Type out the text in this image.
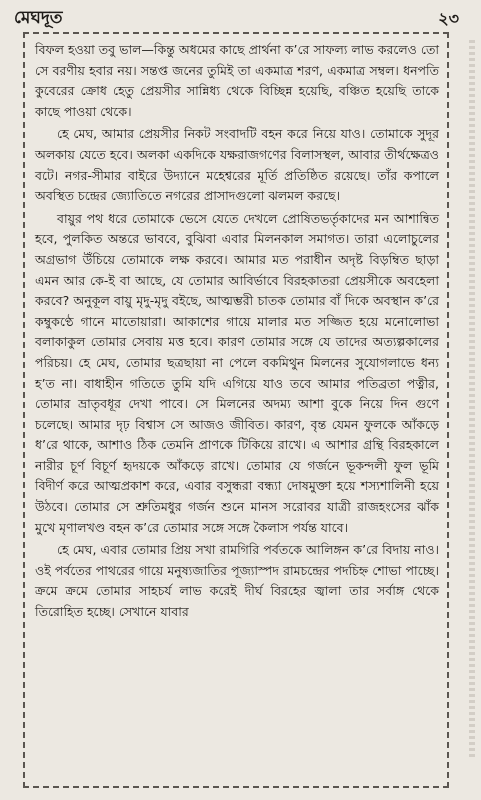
মেঘদূত	২৩

বিফল হওয়া তবু ভাল—কিন্তু অধমের কাছে প্রার্থনা ক’রে সাফল্য লাভ করলেও তো সে বরণীয় হবার নয়। সন্তপ্ত জনের তুমিই তা একমাত্র শরণ, একমাত্র সম্বল। ধনপতি কুবেরের ক্রোধ হেতু প্রেয়সীর সান্নিধ্য থেকে বিচ্ছিন্ন হয়েছি, বঞ্চিত হয়েছি তাকে কাছে পাওয়া থেকে।

হে মেঘ, আমার প্রেয়সীর নিকট সংবাদটি বহন করে নিয়ে যাও। তোমাকে সুদূর অলকায় যেতে হবে। অলকা একদিকে যক্ষরাজগণের বিলাসস্থল, আবার তীর্থক্ষেত্রও বটে। নগর-সীমার বাইরে উদ্যানে মহেশ্বরের মূর্তি প্রতিষ্ঠিত রয়েছে। তাঁর কপালে অবস্থিত চন্দ্রের জ্যোতিতে নগরের প্রাসাদগুলো ঝলমল করছে।

বায়ুর পথ ধরে তোমাকে ভেসে যেতে দেখলে প্রোষিতভর্তৃকাদের মন আশান্বিত হবে, পুলকিত অন্তরে ভাববে, বুঝিবা এবার মিলনকাল সমাগত। তারা এলোচুলের অগ্রভাগ উঁচিয়ে তোমাকে লক্ষ করবে। আমার মত পরাধীন অদৃষ্ট বিড়ম্বিত ছাড়া এমন আর কে-ই বা আছে, যে তোমার আবির্ভাবে বিরহকাতরা প্রেয়সীকে অবহেলা করবে? অনুকূল বায়ু মৃদু-মৃদু বইছে, আত্মম্ভরী চাতক তোমার বাঁ দিকে অবস্থান ক’রে কম্বুকণ্ঠে গানে মাতোয়ারা। আকাশের গায়ে মালার মত সজ্জিত হয়ে মনোলোভা বলাকাকুল তোমার সেবায় মত্ত হবে। কারণ তোমার সঙ্গে যে তাদের অত্যল্পকালের পরিচয়। হে মেঘ, তোমার ছত্রছায়া না পেলে বকমিথুন মিলনের সুযোগলাভে ধন্য হ’ত না। বাধাহীন গতিতে তুমি যদি এগিয়ে যাও তবে আমার পতিব্রতা পত্নীর, তোমার ভ্রাতৃবধূর দেখা পাবে। সে মিলনের অদম্য আশা বুকে নিয়ে দিন গুণে চলেছে। আমার দৃঢ় বিশ্বাস সে আজও জীবিত। কারণ, বৃন্ত যেমন ফুলকে আঁকড়ে ধ’রে থাকে, আশাও ঠিক তেমনি প্রাণকে টিকিয়ে রাখে। এ আশার গ্রন্থি বিরহকালে নারীর চূর্ণ বিচূর্ণ হৃদয়কে আঁকড়ে রাখে। তোমার যে গর্জনে ভূকন্দলী ফুল ভূমি বিদীর্ণ করে আত্মপ্রকাশ করে, এবার বসুন্ধরা বন্ধ্যা দোষমুক্তা হয়ে শস্যশালিনী হয়ে উঠবে। তোমার সে শ্রুতিমধুর গর্জন শুনে মানস সরোবর যাত্রী রাজহংসের ঝাঁক মুখে মৃণালখণ্ড বহন ক’রে তোমার সঙ্গে সঙ্গে কৈলাস পর্যন্ত যাবে।

হে মেঘ, এবার তোমার প্রিয় সখা রামগিরি পর্বতকে আলিঙ্গন ক’রে বিদায় নাও। ওই পর্বতের পাথরের গায়ে মনুষ্যজাতির পূজ্যাস্পদ রামচন্দ্রের পদচিহ্ন শোভা পাচ্ছে। ক্রমে ক্রমে তোমার সাহচর্য লাভ করেই দীর্ঘ বিরহের জ্বালা তার সর্বাঙ্গ থেকে তিরোহিত হচ্ছে। সেখানে যাবার
